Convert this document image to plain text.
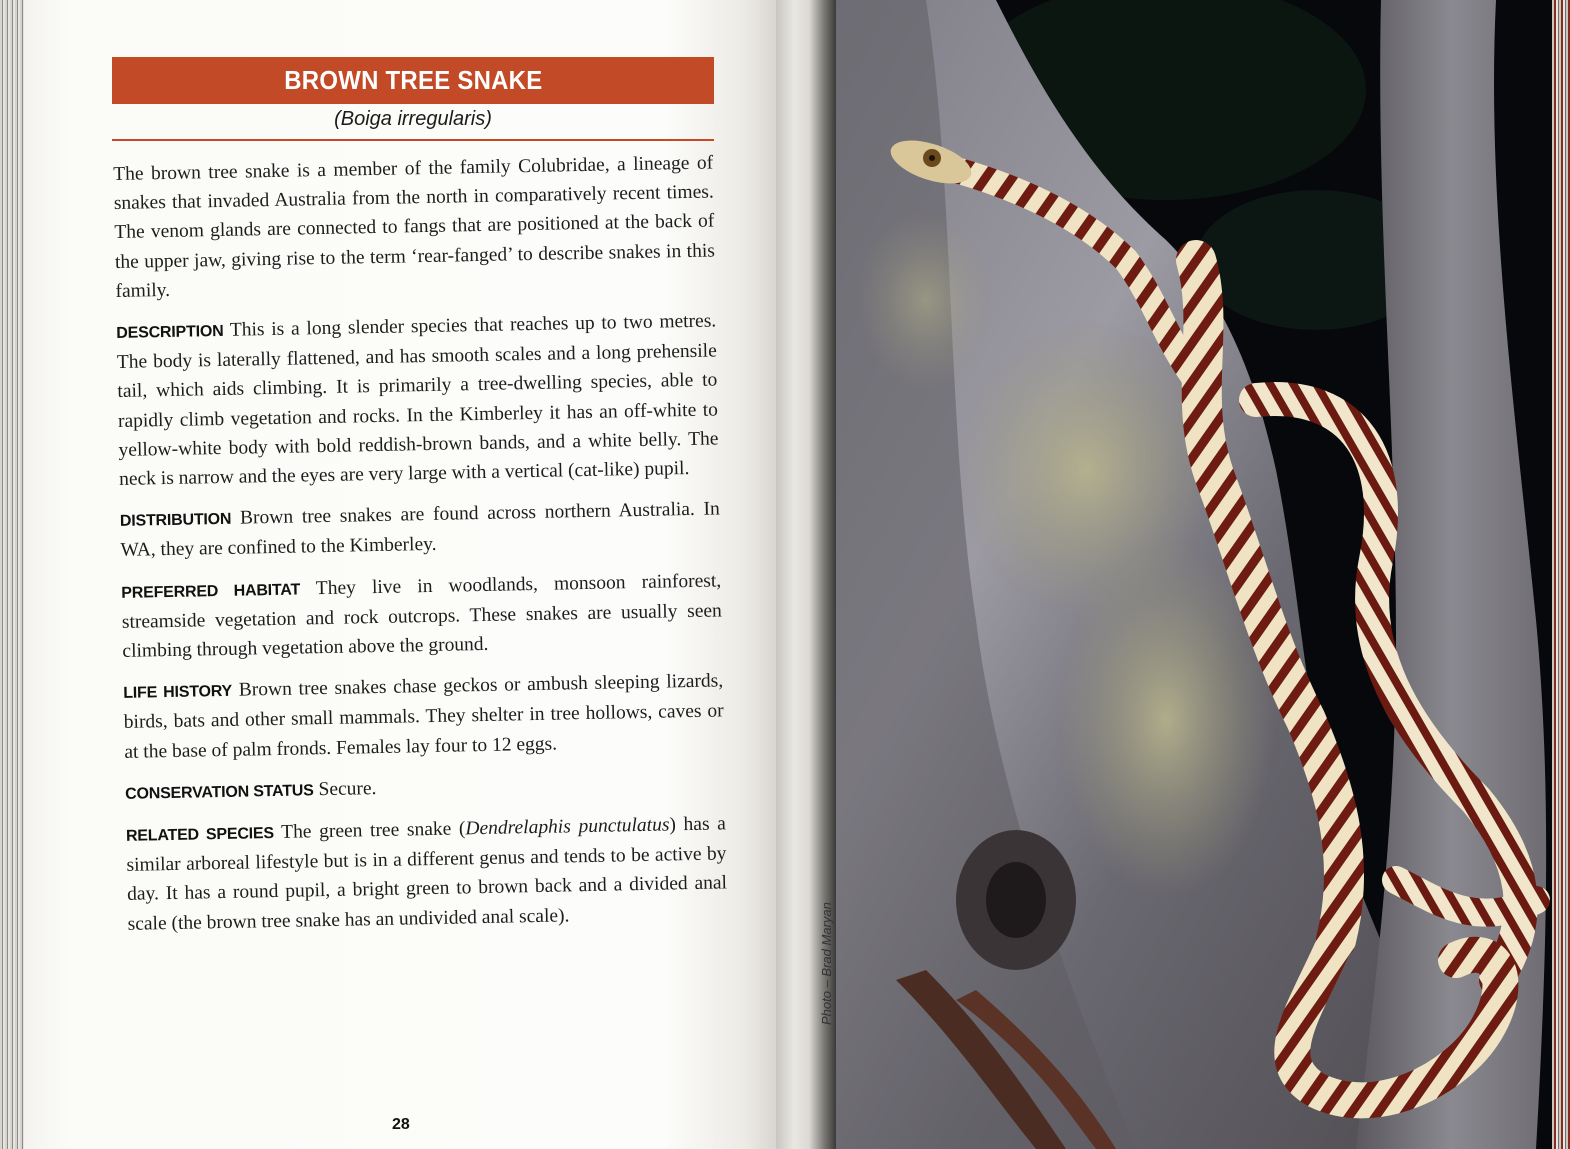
BROWN TREE SNAKE
(Boiga irregularis)

The brown tree snake is a member of the family Colubridae, a lineage of snakes that invaded Australia from the north in comparatively recent times. The venom glands are connected to fangs that are positioned at the back of the upper jaw, giving rise to the term ‘rear-fanged’ to describe snakes in this family.

DESCRIPTION This is a long slender species that reaches up to two metres. The body is laterally flattened, and has smooth scales and a long prehensile tail, which aids climbing. It is primarily a tree-dwelling species, able to rapidly climb vegetation and rocks. In the Kimberley it has an off-white to yellow-white body with bold reddish-brown bands, and a white belly. The neck is narrow and the eyes are very large with a vertical (cat-like) pupil.

DISTRIBUTION Brown tree snakes are found across northern Australia. In WA, they are confined to the Kimberley.

PREFERRED HABITAT They live in woodlands, monsoon rainforest, streamside vegetation and rock outcrops. These snakes are usually seen climbing through vegetation above the ground.

LIFE HISTORY Brown tree snakes chase geckos or ambush sleeping lizards, birds, bats and other small mammals. They shelter in tree hollows, caves or at the base of palm fronds. Females lay four to 12 eggs.

CONSERVATION STATUS Secure.

RELATED SPECIES The green tree snake (Dendrelaphis punctulatus) has a similar arboreal lifestyle but is in a different genus and tends to be active by day. It has a round pupil, a bright green to brown back and a divided anal scale (the brown tree snake has an undivided anal scale).

28
Photo – Brad Maryan
